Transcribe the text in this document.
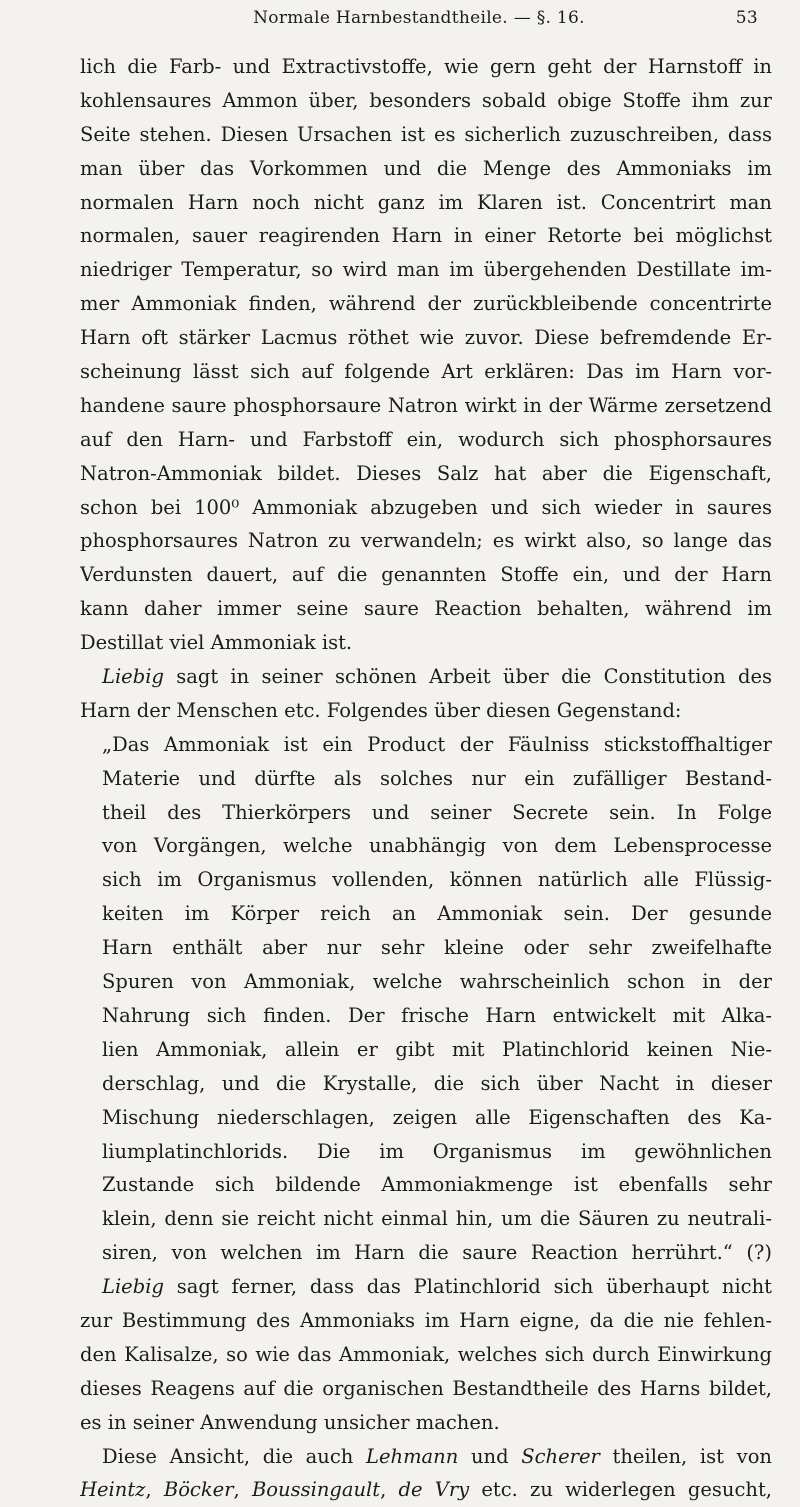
Normale Harnbestandtheile. — §. 16.	53
lich die Farb- und Extractivstoffe, wie gern geht der Harnstoff in
kohlensaures Ammon über, besonders sobald obige Stoffe ihm zur
Seite stehen. Diesen Ursachen ist es sicherlich zuzuschreiben, dass
man über das Vorkommen und die Menge des Ammoniaks im
normalen Harn noch nicht ganz im Klaren ist. Concentrirt man
normalen, sauer reagirenden Harn in einer Retorte bei möglichst
niedriger Temperatur, so wird man im übergehenden Destillate im-
mer Ammoniak finden, während der zurückbleibende concentrirte
Harn oft stärker Lacmus röthet wie zuvor. Diese befremdende Er-
scheinung lässt sich auf folgende Art erklären: Das im Harn vor-
handene saure phosphorsaure Natron wirkt in der Wärme zersetzend
auf den Harn- und Farbstoff ein, wodurch sich phosphorsaures
Natron-Ammoniak bildet. Dieses Salz hat aber die Eigenschaft,
schon bei 100⁰ Ammoniak abzugeben und sich wieder in saures
phosphorsaures Natron zu verwandeln; es wirkt also, so lange das
Verdunsten dauert, auf die genannten Stoffe ein, und der Harn
kann daher immer seine saure Reaction behalten, während im
Destillat viel Ammoniak ist.
Liebig sagt in seiner schönen Arbeit über die Constitution des
Harn der Menschen etc. Folgendes über diesen Gegenstand:
„Das Ammoniak ist ein Product der Fäulniss stickstoffhaltiger
Materie und dürfte als solches nur ein zufälliger Bestand-
theil des Thierkörpers und seiner Secrete sein. In Folge
von Vorgängen, welche unabhängig von dem Lebensprocesse
sich im Organismus vollenden, können natürlich alle Flüssig-
keiten im Körper reich an Ammoniak sein. Der gesunde
Harn enthält aber nur sehr kleine oder sehr zweifelhafte
Spuren von Ammoniak, welche wahrscheinlich schon in der
Nahrung sich finden. Der frische Harn entwickelt mit Alka-
lien Ammoniak, allein er gibt mit Platinchlorid keinen Nie-
derschlag, und die Krystalle, die sich über Nacht in dieser
Mischung niederschlagen, zeigen alle Eigenschaften des Ka-
liumplatinchlorids. Die im Organismus im gewöhnlichen
Zustande sich bildende Ammoniakmenge ist ebenfalls sehr
klein, denn sie reicht nicht einmal hin, um die Säuren zu neutrali-
siren, von welchen im Harn die saure Reaction herrührt.“ (?)
Liebig sagt ferner, dass das Platinchlorid sich überhaupt nicht
zur Bestimmung des Ammoniaks im Harn eigne, da die nie fehlen-
den Kalisalze, so wie das Ammoniak, welches sich durch Einwirkung
dieses Reagens auf die organischen Bestandtheile des Harns bildet,
es in seiner Anwendung unsicher machen.
Diese Ansicht, die auch Lehmann und Scherer theilen, ist von
Heintz, Böcker, Boussingault, de Vry etc. zu widerlegen gesucht,
